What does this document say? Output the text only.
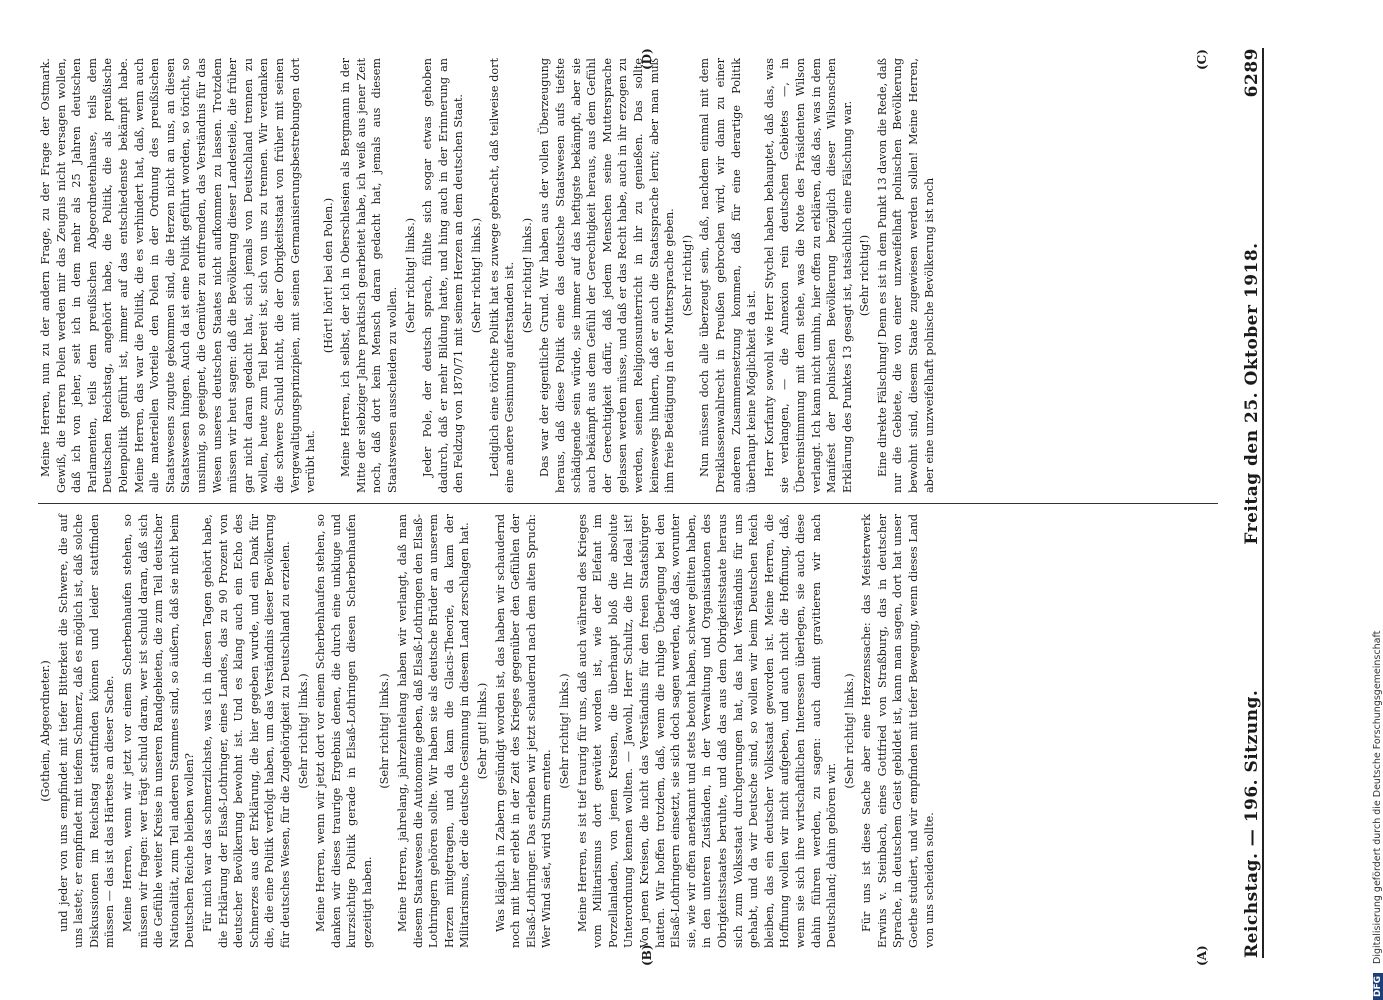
Reichstag. — 196. Sitzung.
Freitag den 25. Oktober 1918.
6289

(Gothein, Abgeordneter.) und jeder von uns empfindet mit tiefer Bitterkeit die Schwere, die auf uns lastet; er empfindet mit tiefem Schmerz, daß es möglich ist, daß solche Diskussionen im Reichstag stattfinden können und leider stattfinden müssen — das ist das Härteste an dieser Sache. Meine Herren, wenn wir jetzt vor einem Scherbenhaufen stehen, so müssen wir fragen: wer trägt schuld daran, wer ist schuld daran, daß sich die Gefühle weiter Kreise in unseren Randgebieten, die zum Teil deutscher Nationalität, zum Teil anderen Stammes sind, so äußern, daß sie nicht beim Deutschen Reiche bleiben wollen? Für mich war das schmerzlichste, was ich in diesen Tagen gehört habe, die Erklärung der Elsaß-Lothringer, eines Landes, das zu 90 Prozent von deutscher Bevölkerung bewohnt ist. Und es klang auch ein Echo des Schmerzes aus der Erklärung, die hier gegeben wurde, und ein Dank für die, die eine Politik verfolgt haben, um das Verständnis dieser Bevölkerung für deutsches Wesen, für die Zugehörigkeit zu Deutschland zu erzielen. (Sehr richtig! links.) Meine Herren, wenn wir jetzt dort vor einem Scherbenhaufen stehen, so danken wir dieses traurige Ergebnis denen, die durch eine unkluge und kurzsichtige Politik gerade in Elsaß-Lothringen diesen Scherbenhaufen gezeitigt haben.

(Sehr richtig! links.) Meine Herren, jahrelang, jahrzehntelang haben wir verlangt, daß man diesem Staatswesen die Autonomie geben, daß Elsaß-Lothringen den Elsaß-Lothringern gehören sollte. Wir haben sie als deutsche Brüder an unserem Herzen mitgetragen, und da kam die Glacis-Theorie, da kam der Militarismus, der die deutsche Gesinnung in diesem Land zerschlagen hat. (Sehr gut! links.) Was kläglich in Zabern gesündigt worden ist, das haben wir schaudernd noch mit hier erlebt in der Zeit des Krieges gegenüber den Gefühlen der Elsaß-Lothringer. Das erleben wir jetzt schaudernd nach dem alten Spruch: Wer Wind säet, wird Sturm ernten.

(Sehr richtig! links.) Meine Herren, es ist tief traurig für uns, daß auch während des Krieges vom Militarismus dort gewütet worden ist, wie der Elefant im Porzellanladen, von jenen Kreisen, die überhaupt bloß die absolute Unterordnung kennen wollten. — Jawohl, Herr Schultz, die Ihr Ideal ist! Von jenen Kreisen, die nicht das Verständnis für den freien Staatsbürger hatten. Wir hoffen trotzdem, daß, wenn die ruhige Überlegung bei den Elsaß-Lothringern einsetzt, sie sich doch sagen werden, daß das, worunter sie, wie wir offen anerkannt und stets betont haben, schwer gelitten haben, in den unteren Zuständen, in der Verwaltung und Organisationen des Obrigkeitsstaates beruhte, und daß das aus dem Obrigkeitsstaate heraus sich zum Volksstaat durchgerungen hat, das hat Verständnis für uns gehabt, und da wir Deutsche sind, so wollen wir beim Deutschen Reich bleiben, das ein deutscher Volksstaat geworden ist. Meine Herren, die Hoffnung wollen wir nicht aufgeben, und auch nicht die Hoffnung, daß, wenn sie sich ihre wirtschaftlichen Interessen überlegen, sie auch diese dahin führen werden, zu sagen: auch damit gravitieren wir nach Deutschland; dahin gehören wir.

(Sehr richtig! links.) Für uns ist diese Sache aber eine Herzenssache: das Meisterwerk Erwins v. Steinbach, eines Gottfried von Straßburg, das in deutscher Sprache, in deutschem Geist gebildet ist, kann man sagen, dort hat unser Goethe studiert, und wir empfinden mit tiefer Bewegung, wenn dieses Land von uns scheiden sollte.

Meine Herren, nun zu der andern Frage, zu der Frage der Ostmark. Gewiß, die Herren Polen werden mir das Zeugnis nicht versagen wollen, daß ich von jeher, seit ich in dem mehr als 25 Jahren deutschen Parlamenten, teils dem preußischen Abgeordnetenhause, teils dem Deutschen Reichstag, angehört habe, die Politik, die als preußische Polenpolitik geführt ist, immer auf das entschiedenste bekämpft habe. Meine Herren, das war die Politik, die es verhindert hat, daß, wenn auch alle materiellen Vorteile den Polen in der Ordnung des preußischen Staatswesens zugute gekommen sind, die Herzen nicht an uns, an diesen Staatswesen hingen. Auch da ist eine Politik geführt worden, so töricht, so unsinnig, so geeignet, die Gemüter zu entfremden, das Verständnis für das Wesen unseres deutschen Staates nicht aufkommen zu lassen. Trotzdem müssen wir heut sagen: daß die Bevölkerung dieser Landesteile, die früher gar nicht daran gedacht hat, sich jemals von Deutschland trennen zu wollen, heute zum Teil bereit ist, sich von uns zu trennen. Wir verdanken die schwere Schuld nicht, die der Obrigkeitsstaat von früher mit seinen Vergewaltigungsprinzipien, mit seinen Germanisierungsbestrebungen dort verübt hat.

(Hört! hört! bei den Polen.) Meine Herren, ich selbst, der ich in Oberschlesien als Bergmann in der Mitte der siebziger Jahre praktisch gearbeitet habe, ich weiß aus jener Zeit noch, daß dort kein Mensch daran gedacht hat, jemals aus diesem Staatswesen ausscheiden zu wollen.

(Sehr richtig! links.) Jeder Pole, der deutsch sprach, fühlte sich sogar etwas gehoben dadurch, daß er mehr Bildung hatte, und hing auch in der Erinnerung an den Feldzug von 1870/71 mit seinem Herzen an dem deutschen Staat. (Sehr richtig! links.) Lediglich eine törichte Politik hat es zuwege gebracht, daß teilweise dort eine andere Gesinnung auferstanden ist. (Sehr richtig! links.) Das war der eigentliche Grund. Wir haben aus der vollen Überzeugung heraus, daß diese Politik eine das deutsche Staatswesen aufs tiefste schädigende sein würde, sie immer auf das heftigste bekämpft, aber sie auch bekämpft aus dem Gefühl der Gerechtigkeit heraus, aus dem Gefühl der Gerechtigkeit dafür, daß jedem Menschen seine Muttersprache gelassen werden müsse, und daß er das Recht habe, auch in ihr erzogen zu werden, seinen Religionsunterricht in ihr zu genießen. Das sollte keineswegs hindern, daß er auch die Staatssprache lernt; aber man muß ihm freie Betätigung in der Muttersprache geben. (Sehr richtig!) Nun müssen doch alle überzeugt sein, daß, nachdem einmal mit dem Dreiklassenwahlrecht in Preußen gebrochen wird, wir dann zu einer anderen Zusammensetzung kommen, daß für eine derartige Politik überhaupt keine Möglichkeit da ist. Herr Korfanty sowohl wie Herr Stychel haben behauptet, daß das, was sie verlangen, — die Annexion rein deutschen Gebietes —, in Übereinstimmung mit dem stehe, was die Note des Präsidenten Wilson verlangt. Ich kann nicht umhin, hier offen zu erklären, daß das, was in dem Manifest der polnischen Bevölkerung bezüglich dieser Wilsonschen Erklärung des Punktes 13 gesagt ist, tatsächlich eine Fälschung war. (Sehr richtig!) Eine direkte Fälschung! Denn es ist in dem Punkt 13 davon die Rede, daß nur die Gebiete, die von einer unzweifelhaft polnischen Bevölkerung bewohnt sind, diesem Staate zugewiesen werden sollen! Meine Herren, aber eine unzweifelhaft polnische Bevölkerung ist noch

(A)
(B)
(C)
(D)
DFG Digitalisierung gefördert durch die Deutsche Forschungsgemeinschaft
